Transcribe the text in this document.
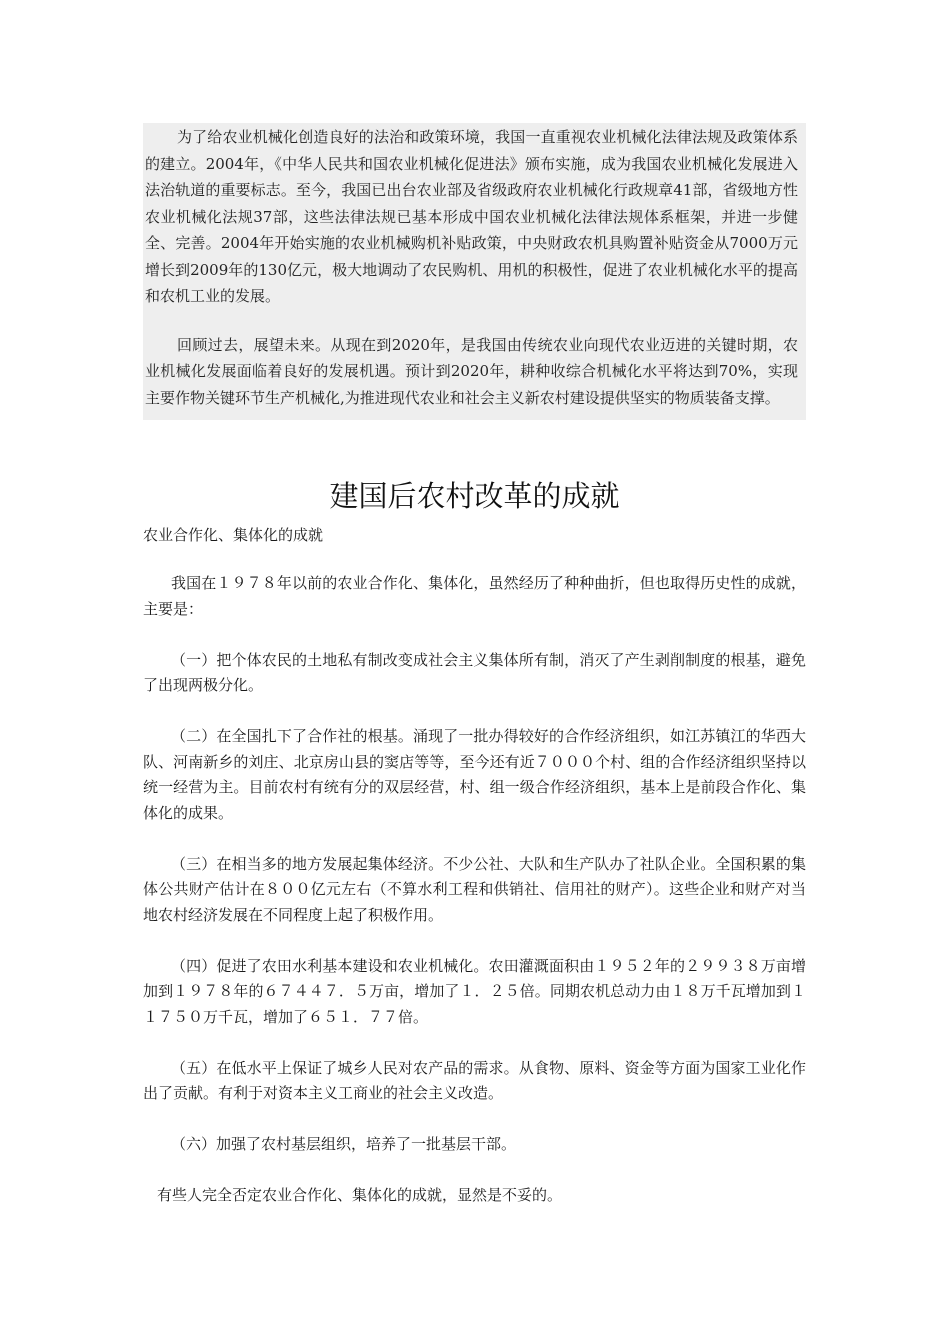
为了给农业机械化创造良好的法治和政策环境，我国一直重视农业机械化法律法规及政策体系的建立。2004年，《中华人民共和国农业机械化促进法》颁布实施，成为我国农业机械化发展进入法治轨道的重要标志。至今，我国已出台农业部及省级政府农业机械化行政规章41部，省级地方性农业机械化法规37部，这些法律法规已基本形成中国农业机械化法律法规体系框架，并进一步健全、完善。2004年开始实施的农业机械购机补贴政策，中央财政农机具购置补贴资金从7000万元增长到2009年的130亿元，极大地调动了农民购机、用机的积极性，促进了农业机械化水平的提高和农机工业的发展。

回顾过去，展望未来。从现在到2020年，是我国由传统农业向现代农业迈进的关键时期，农业机械化发展面临着良好的发展机遇。预计到2020年，耕种收综合机械化水平将达到70%，实现主要作物关键环节生产机械化,为推进现代农业和社会主义新农村建设提供坚实的物质装备支撑。

建国后农村改革的成就
农业合作化、集体化的成就

我国在１９７８年以前的农业合作化、集体化，虽然经历了种种曲折，但也取得历史性的成就，主要是：

（一）把个体农民的土地私有制改变成社会主义集体所有制，消灭了产生剥削制度的根基，避免了出现两极分化。

（二）在全国扎下了合作社的根基。涌现了一批办得较好的合作经济组织，如江苏镇江的华西大队、河南新乡的刘庄、北京房山县的窦店等等，至今还有近７０００个村、组的合作经济组织坚持以统一经营为主。目前农村有统有分的双层经营，村、组一级合作经济组织，基本上是前段合作化、集体化的成果。

（三）在相当多的地方发展起集体经济。不少公社、大队和生产队办了社队企业。全国积累的集体公共财产估计在８００亿元左右（不算水利工程和供销社、信用社的财产）。这些企业和财产对当地农村经济发展在不同程度上起了积极作用。

（四）促进了农田水利基本建设和农业机械化。农田灌溉面积由１９５２年的２９９３８万亩增加到１９７８年的６７４４７．５万亩，增加了１．２５倍。同期农机总动力由１８万千瓦增加到１１７５０万千瓦，增加了６５１．７７倍。

（五）在低水平上保证了城乡人民对农产品的需求。从食物、原料、资金等方面为国家工业化作出了贡献。有利于对资本主义工商业的社会主义改造。

（六）加强了农村基层组织，培养了一批基层干部。

有些人完全否定农业合作化、集体化的成就，显然是不妥的。
